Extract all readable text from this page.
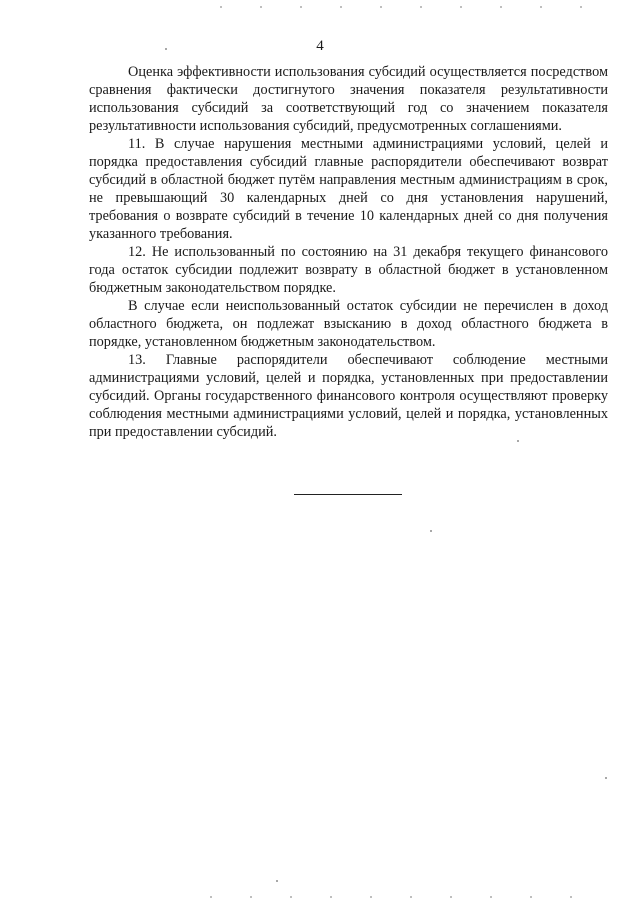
4

Оценка эффективности использования субсидий осуществляется посредством сравнения фактически достигнутого значения показателя результативности использования субсидий за соответствующий год со значением показателя результативности использования субсидий, предусмотренных соглашениями.

11. В случае нарушения местными администрациями условий, целей и порядка предоставления субсидий главные распорядители обеспечивают возврат субсидий в областной бюджет путём направления местным администрациям в срок, не превышающий 30 календарных дней со дня установления нарушений, требования о возврате субсидий в течение 10 календарных дней со дня получения указанного требования.

12. Не использованный по состоянию на 31 декабря текущего финансового года остаток субсидии подлежит возврату в областной бюджет в установленном бюджетным законодательством порядке.

В случае если неиспользованный остаток субсидии не перечислен в доход областного бюджета, он подлежат взысканию в доход областного бюджета в порядке, установленном бюджетным законодательством.

13. Главные распорядители обеспечивают соблюдение местными администрациями условий, целей и порядка, установленных при предоставлении субсидий. Органы государственного финансового контроля осуществляют проверку соблюдения местными администрациями условий, целей и порядка, установленных при предоставлении субсидий.
